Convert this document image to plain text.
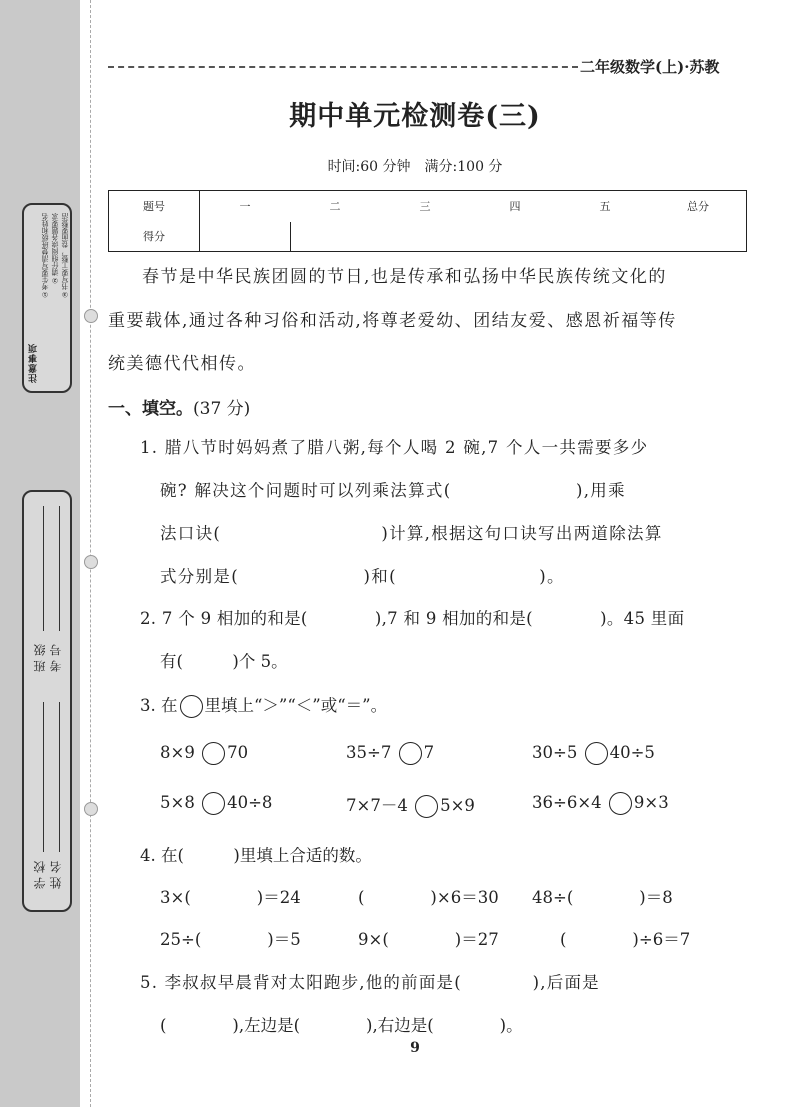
注意事项
①考生要写清楚班级和姓名 ②请仔细阅读各题要求 ③书写要工整，卷面要整洁
考号
班级
姓名
学校
二年级数学(上)·苏教
期中单元检测卷(三)
时间:60 分钟　满分:100 分
题号	一	二	三	四	五	总分
得分						
春节是中华民族团圆的节日,也是传承和弘扬中华民族传统文化的
重要载体,通过各种习俗和活动,将尊老爱幼、团结友爱、感恩祈福等传
统美德代代相传。
一、填空。(37 分)
1. 腊八节时妈妈煮了腊八粥,每个人喝 2 碗,7 个人一共需要多少
碗? 解决这个问题时可以列乘法算式(　　　　　　　),用乘
法口诀(　　　　　　　　　)计算,根据这句口诀写出两道除法算
式分别是(　　　　　　　)和(　　　　　　　　)。
2. 7 个 9 相加的和是(　　　　),7 和 9 相加的和是(　　　　)。45 里面
有(　　　)个 5。
3. 在 里填上“＞”“＜”或“＝”。
8×9 70	35÷7 7	30÷5 40÷5
5×8 40÷8	7×7－4 5×9	36÷6×4 9×3
4. 在(　　　)里填上合适的数。
3×(　　　　)＝24	(　　　　)×6＝30 48÷(　　　　)＝8
25÷(　　　　)＝5	9×(　　　　)＝27	(　　　　)÷6＝7
5. 李叔叔早晨背对太阳跑步,他的前面是(　　　　),后面是
(　　　　),左边是(　　　　),右边是(　　　　)。
9
